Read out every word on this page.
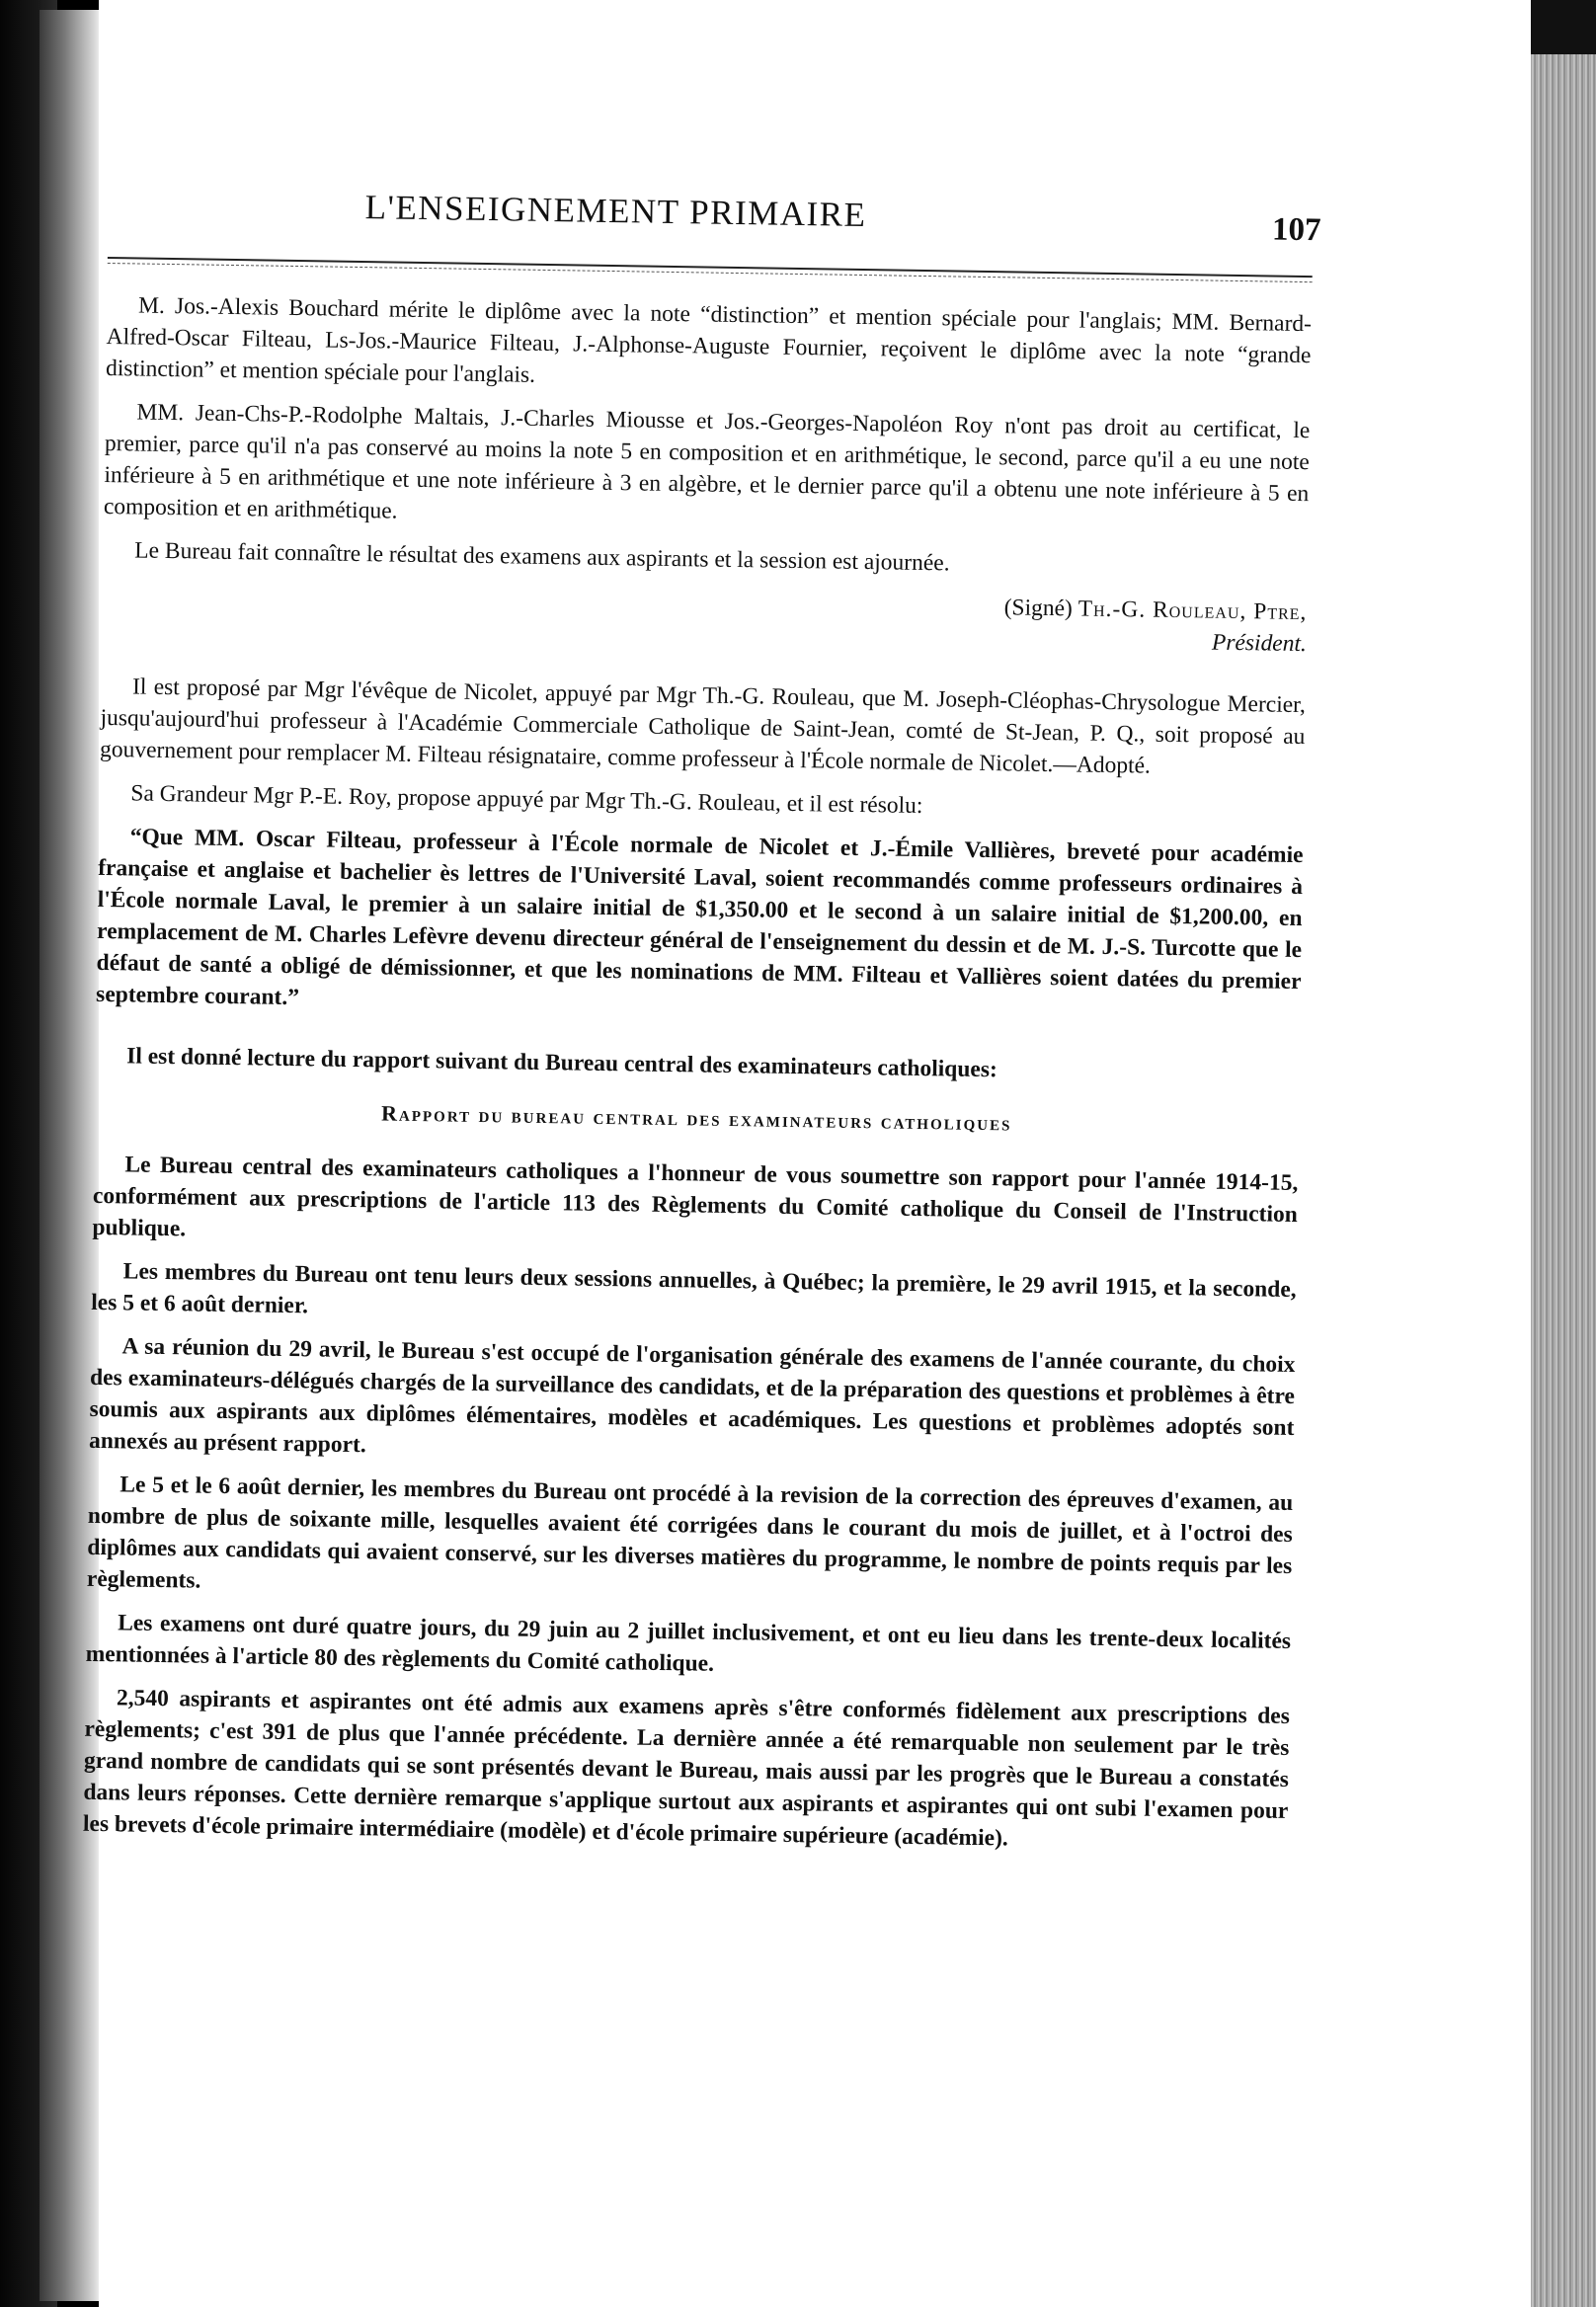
L'ENSEIGNEMENT PRIMAIRE	107

M. Jos.-Alexis Bouchard mérite le diplôme avec la note “distinction” et mention spéciale pour l'anglais; MM. Bernard-Alfred-Oscar Filteau, Ls-Jos.-Maurice Filteau, J.-Alphonse-Auguste Fournier, reçoivent le diplôme avec la note “grande distinction” et mention spéciale pour l'anglais.

MM. Jean-Chs-P.-Rodolphe Maltais, J.-Charles Miousse et Jos.-Georges-Napoléon Roy n'ont pas droit au certificat, le premier, parce qu'il n'a pas conservé au moins la note 5 en composition et en arithmétique, le second, parce qu'il a eu une note inférieure à 5 en arithmétique et une note inférieure à 3 en algèbre, et le dernier parce qu'il a obtenu une note inférieure à 5 en composition et en arithmétique.

Le Bureau fait connaître le résultat des examens aux aspirants et la session est ajournée.

(Signé) Th.-G. Rouleau, Ptre,

Président.

Il est proposé par Mgr l'évêque de Nicolet, appuyé par Mgr Th.-G. Rouleau, que M. Joseph-Cléophas-Chrysologue Mercier, jusqu'aujourd'hui professeur à l'Académie Commerciale Catholique de Saint-Jean, comté de St-Jean, P. Q., soit proposé au gouvernement pour remplacer M. Filteau résignataire, comme professeur à l'École normale de Nicolet.—Adopté.

Sa Grandeur Mgr P.-E. Roy, propose appuyé par Mgr Th.-G. Rouleau, et il est résolu:

“Que MM. Oscar Filteau, professeur à l'École normale de Nicolet et J.-Émile Vallières, breveté pour académie française et anglaise et bachelier ès lettres de l'Université Laval, soient recommandés comme professeurs ordinaires à l'École normale Laval, le premier à un salaire initial de $1,350.00 et le second à un salaire initial de $1,200.00, en remplacement de M. Charles Lefèvre devenu directeur général de l'enseignement du dessin et de M. J.-S. Turcotte que le défaut de santé a obligé de démissionner, et que les nominations de MM. Filteau et Vallières soient datées du premier septembre courant.”

Il est donné lecture du rapport suivant du Bureau central des examinateurs catholiques:

Rapport du bureau central des examinateurs catholiques

Le Bureau central des examinateurs catholiques a l'honneur de vous soumettre son rapport pour l'année 1914-15, conformément aux prescriptions de l'article 113 des Règlements du Comité catholique du Conseil de l'Instruction publique.

Les membres du Bureau ont tenu leurs deux sessions annuelles, à Québec; la première, le 29 avril 1915, et la seconde, les 5 et 6 août dernier.

A sa réunion du 29 avril, le Bureau s'est occupé de l'organisation générale des examens de l'année courante, du choix des examinateurs-délégués chargés de la surveillance des candidats, et de la préparation des questions et problèmes à être soumis aux aspirants aux diplômes élémentaires, modèles et académiques. Les questions et problèmes adoptés sont annexés au présent rapport.

Le 5 et le 6 août dernier, les membres du Bureau ont procédé à la revision de la correction des épreuves d'examen, au nombre de plus de soixante mille, lesquelles avaient été corrigées dans le courant du mois de juillet, et à l'octroi des diplômes aux candidats qui avaient conservé, sur les diverses matières du programme, le nombre de points requis par les règlements.

Les examens ont duré quatre jours, du 29 juin au 2 juillet inclusivement, et ont eu lieu dans les trente-deux localités mentionnées à l'article 80 des règlements du Comité catholique.

2,540 aspirants et aspirantes ont été admis aux examens après s'être conformés fidèlement aux prescriptions des règlements; c'est 391 de plus que l'année précédente. La dernière année a été remarquable non seulement par le très grand nombre de candidats qui se sont présentés devant le Bureau, mais aussi par les progrès que le Bureau a constatés dans leurs réponses. Cette dernière remarque s'applique surtout aux aspirants et aspirantes qui ont subi l'examen pour les brevets d'école primaire intermédiaire (modèle) et d'école primaire supérieure (académie).
